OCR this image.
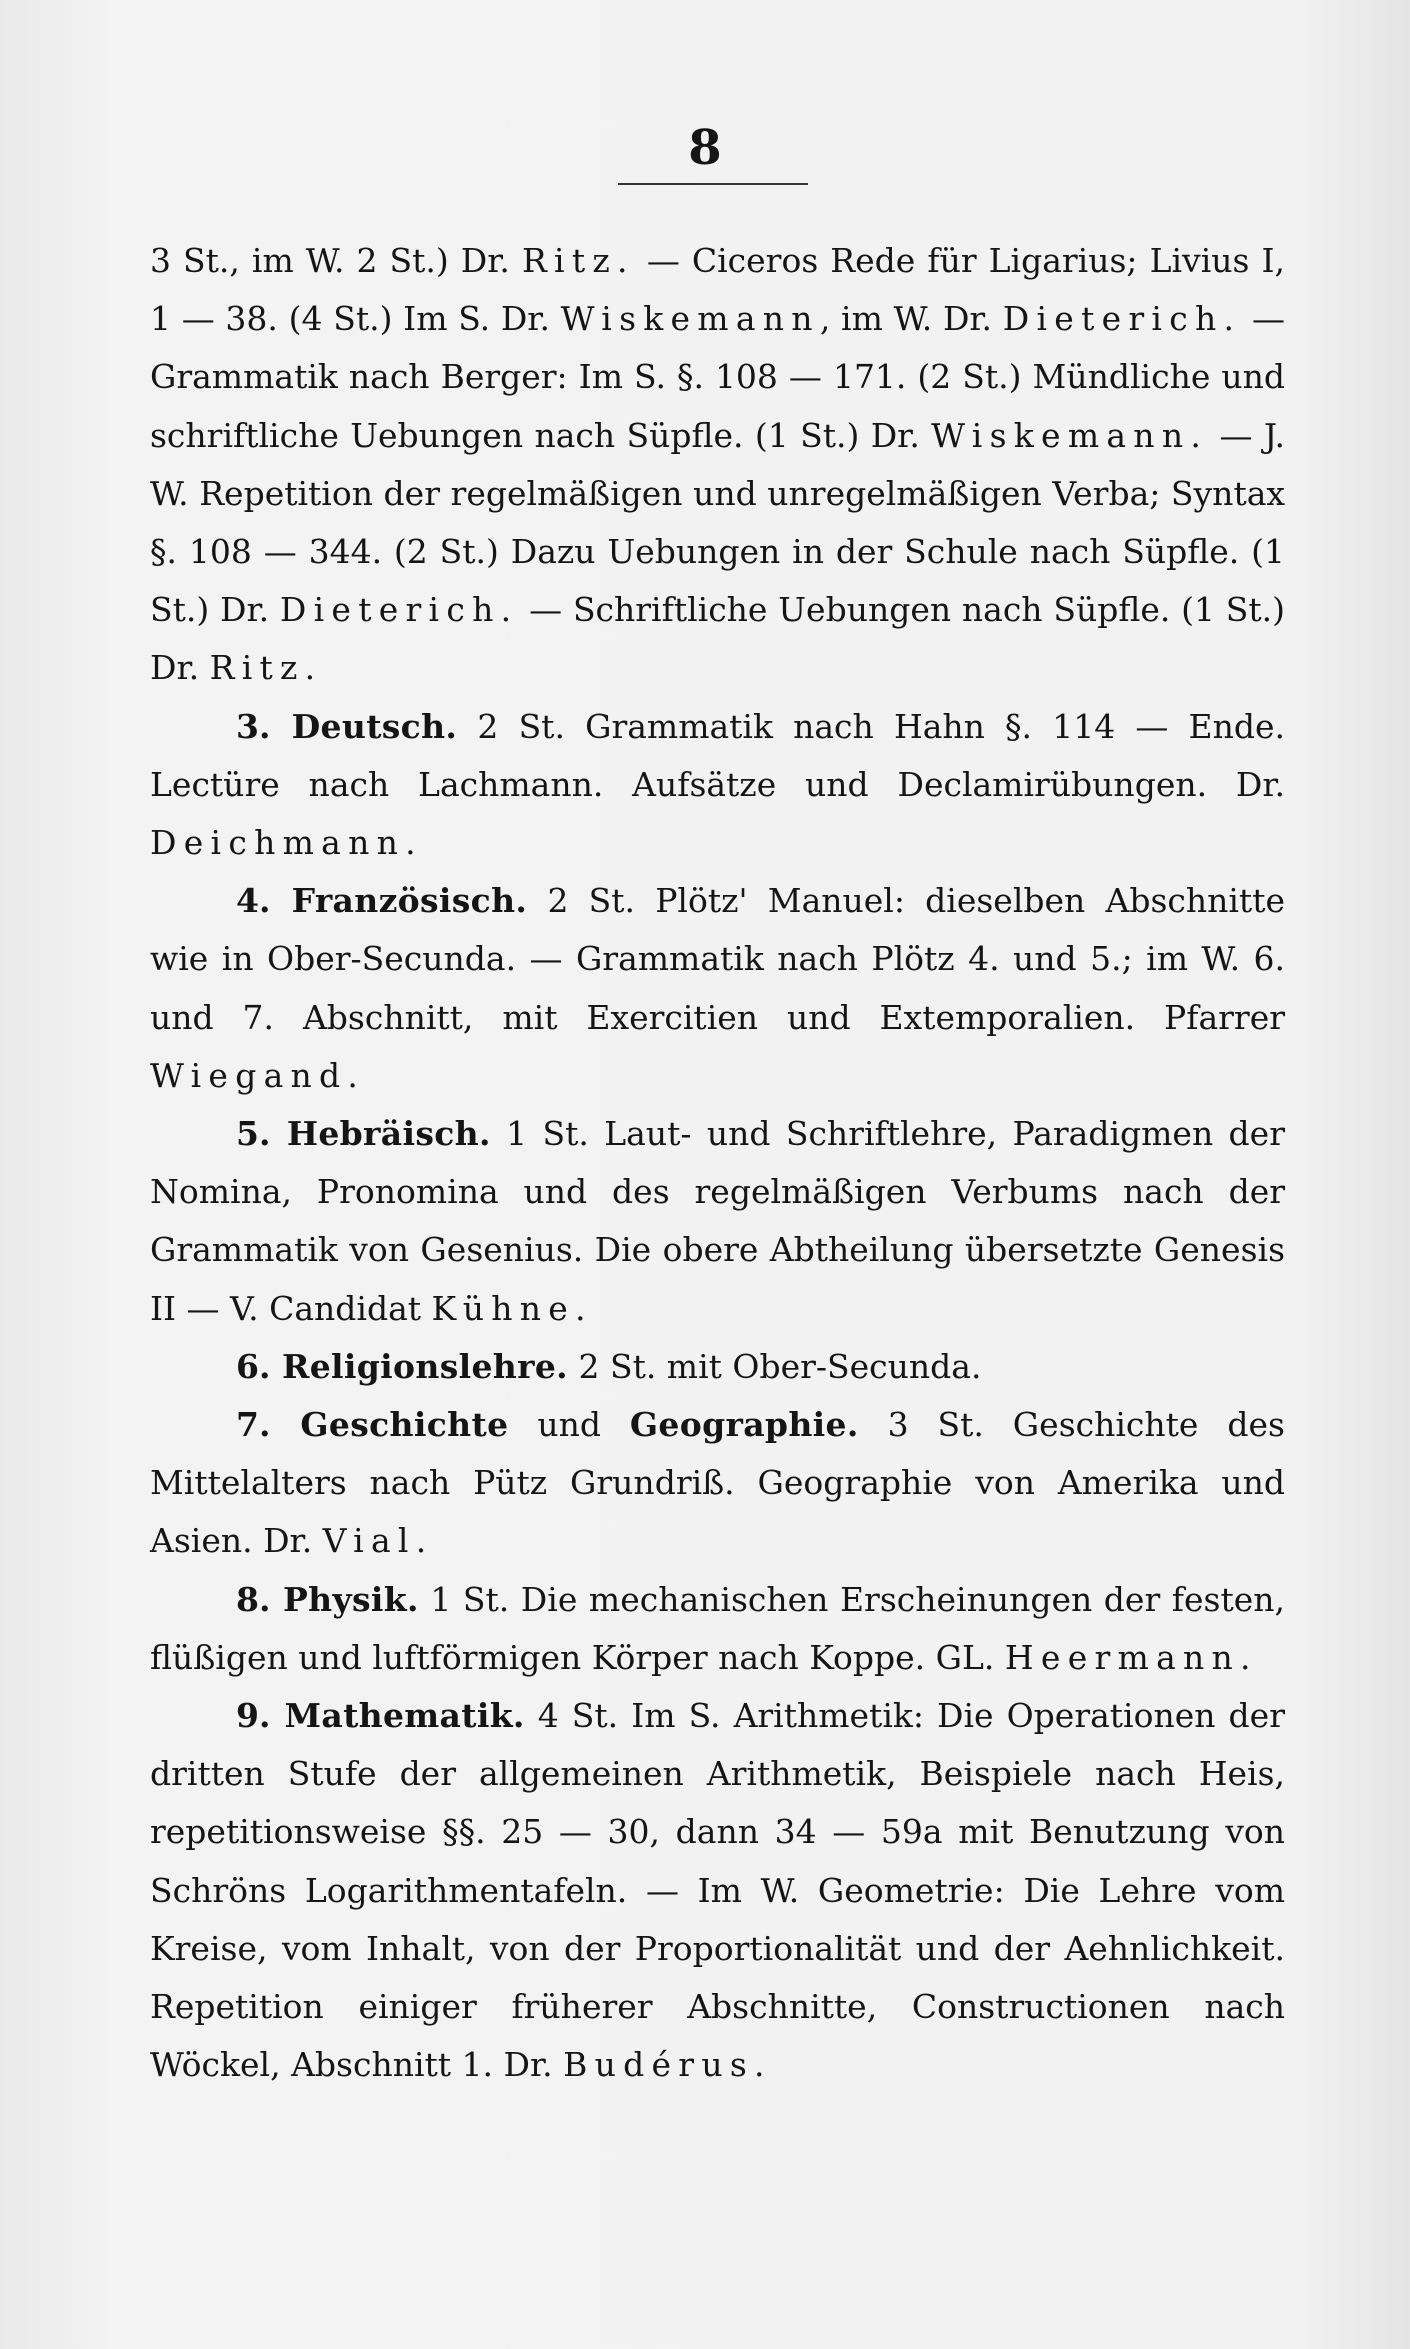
8

3 St., im W. 2 St.) Dr. Ritz. — Ciceros Rede für Ligarius; Livius I, 1 — 38. (4 St.) Im S. Dr. Wiskemann, im W. Dr. Dieterich. — Grammatik nach Berger: Im S. §. 108 — 171. (2 St.) Mündliche und schriftliche Uebungen nach Süpfle. (1 St.) Dr. Wiskemann. — J. W. Repetition der regelmäßigen und unregelmäßigen Verba; Syntax §. 108 — 344. (2 St.) Dazu Uebungen in der Schule nach Süpfle. (1 St.) Dr. Dieterich. — Schriftliche Uebungen nach Süpfle. (1 St.) Dr. Ritz.

3. Deutsch. 2 St. Grammatik nach Hahn §. 114 — Ende. Lectüre nach Lachmann. Aufsätze und Declamirübungen. Dr. Deichmann.

4. Französisch. 2 St. Plötz' Manuel: dieselben Abschnitte wie in Ober-Secunda. — Grammatik nach Plötz 4. und 5.; im W. 6. und 7. Abschnitt, mit Exercitien und Extemporalien. Pfarrer Wiegand.

5. Hebräisch. 1 St. Laut- und Schriftlehre, Paradigmen der Nomina, Pronomina und des regelmäßigen Verbums nach der Grammatik von Gesenius. Die obere Abtheilung übersetzte Genesis II — V. Candidat Kühne.

6. Religionslehre. 2 St. mit Ober-Secunda.

7. Geschichte und Geographie. 3 St. Geschichte des Mittelalters nach Pütz Grundriß. Geographie von Amerika und Asien. Dr. Vial.

8. Physik. 1 St. Die mechanischen Erscheinungen der festen, flüßigen und luftförmigen Körper nach Koppe. GL. Heermann.

9. Mathematik. 4 St. Im S. Arithmetik: Die Operationen der dritten Stufe der allgemeinen Arithmetik, Beispiele nach Heis, repetitionsweise §§. 25 — 30, dann 34 — 59a mit Benutzung von Schröns Logarithmentafeln. — Im W. Geometrie: Die Lehre vom Kreise, vom Inhalt, von der Proportionalität und der Aehnlichkeit. Repetition einiger früherer Abschnitte, Constructionen nach Wöckel, Abschnitt 1. Dr. Budérus.
